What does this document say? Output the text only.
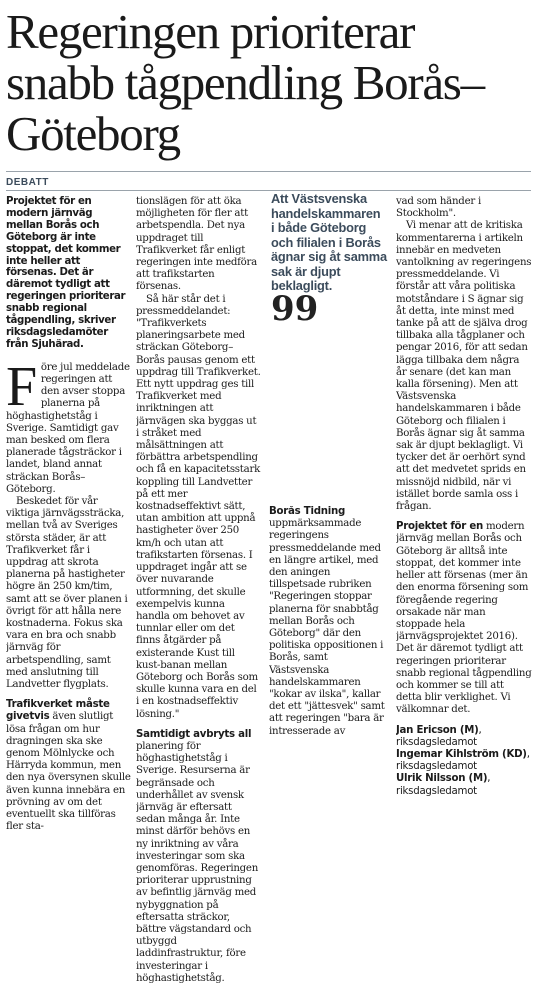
Regeringen prioriterar snabb tågpendling Borås–Göteborg
DEBATT

Projektet för en modern järnväg mellan Borås och Göteborg är inte stoppat, det kommer inte heller att försenas. Det är däremot tydligt att regeringen prioriterar snabb regional tågpendling, skriver riksdagsledamöter från Sjuhärad.

Före jul meddelade regeringen att den avser stoppa planerna på höghastighetståg i Sverige. Samtidigt gav man besked om flera planerade tågsträckor i landet, bland annat sträckan Borås–Göteborg.

Beskedet för vår viktiga järnvägssträcka, mellan två av Sveriges största städer, är att Trafikverket får i uppdrag att skrota planerna på hastigheter högre än 250 km/tim, samt att se över planen i övrigt för att hålla nere kostnaderna. Fokus ska vara en bra och snabb järnväg för arbetspendling, samt med anslutning till Landvetter flygplats.

Trafikverket måste givetvis även slutligt lösa frågan om hur dragningen ska ske genom Mölnlycke och Härryda kommun, men den nya översynen skulle även kunna innebära en prövning av om det eventuellt ska tillföras fler sta-

tionslägen för att öka möjligheten för fler att arbetspendla. Det nya uppdraget till Trafikverket får enligt regeringen inte medföra att trafikstarten försenas.

Så här står det i pressmeddelandet: "Trafikverkets planeringsarbete med sträckan Göteborg–Borås pausas genom ett uppdrag till Trafikverket. Ett nytt uppdrag ges till Trafikverket med inriktningen att järnvägen ska byggas ut i stråket med målsättningen att förbättra arbetspendling och få en kapacitetsstark koppling till Landvetter på ett mer kostnadseffektivt sätt, utan ambition att uppnå hastigheter över 250 km/h och utan att trafikstarten försenas. I uppdraget ingår att se över nuvarande utformning, det skulle exempelvis kunna handla om behovet av tunnlar eller om det finns åtgärder på existerande Kust till kust-banan mellan Göteborg och Borås som skulle kunna vara en del i en kostnadseffektiv lösning."

Samtidigt avbryts all planering för höghastighetståg i Sverige. Resurserna är begränsade och underhållet av svensk järnväg är eftersatt sedan många år. Inte minst därför behövs en ny inriktning av våra investeringar som ska genomföras. Regeringen prioriterar upprustning av befintlig järnväg med nybyggnation på eftersatta sträckor, bättre vägstandard och utbyggd laddinfrastruktur, före investeringar i höghastighetståg.

Att Västsvenska handelskammaren i både Göteborg och filialen i Borås ägnar sig åt samma sak är djupt beklagligt.
99

Borås Tidning uppmärksammade regeringens pressmeddelande med en längre artikel, med den aningen tillspetsade rubriken "Regeringen stoppar planerna för snabbtåg mellan Borås och Göteborg" där den politiska oppositionen i Borås, samt Västsvenska handelskammaren "kokar av ilska", kallar det ett "jättesvek" samt att regeringen "bara är intresserade av

vad som händer i Stockholm".

Vi menar att de kritiska kommentarerna i artikeln innebär en medveten vantolkning av regeringens pressmeddelande. Vi förstår att våra politiska motståndare i S ägnar sig åt detta, inte minst med tanke på att de själva drog tillbaka alla tågplaner och pengar 2016, för att sedan lägga tillbaka dem några år senare (det kan man kalla försening). Men att Västsvenska handelskammaren i både Göteborg och filialen i Borås ägnar sig åt samma sak är djupt beklagligt. Vi tycker det är oerhört synd att det medvetet sprids en missnöjd nidbild, när vi istället borde samla oss i frågan.

Projektet för en modern järnväg mellan Borås och Göteborg är alltså inte stoppat, det kommer inte heller att försenas (mer än den enorma försening som föregående regering orsakade när man stoppade hela järnvägsprojektet 2016). Det är däremot tydligt att regeringen prioriterar snabb regional tågpendling och kommer se till att detta blir verklighet. Vi välkomnar det.

Jan Ericson (M), riksdagsledamot

Ingemar Kihlström (KD), riksdagsledamot

Ulrik Nilsson (M), riksdagsledamot
